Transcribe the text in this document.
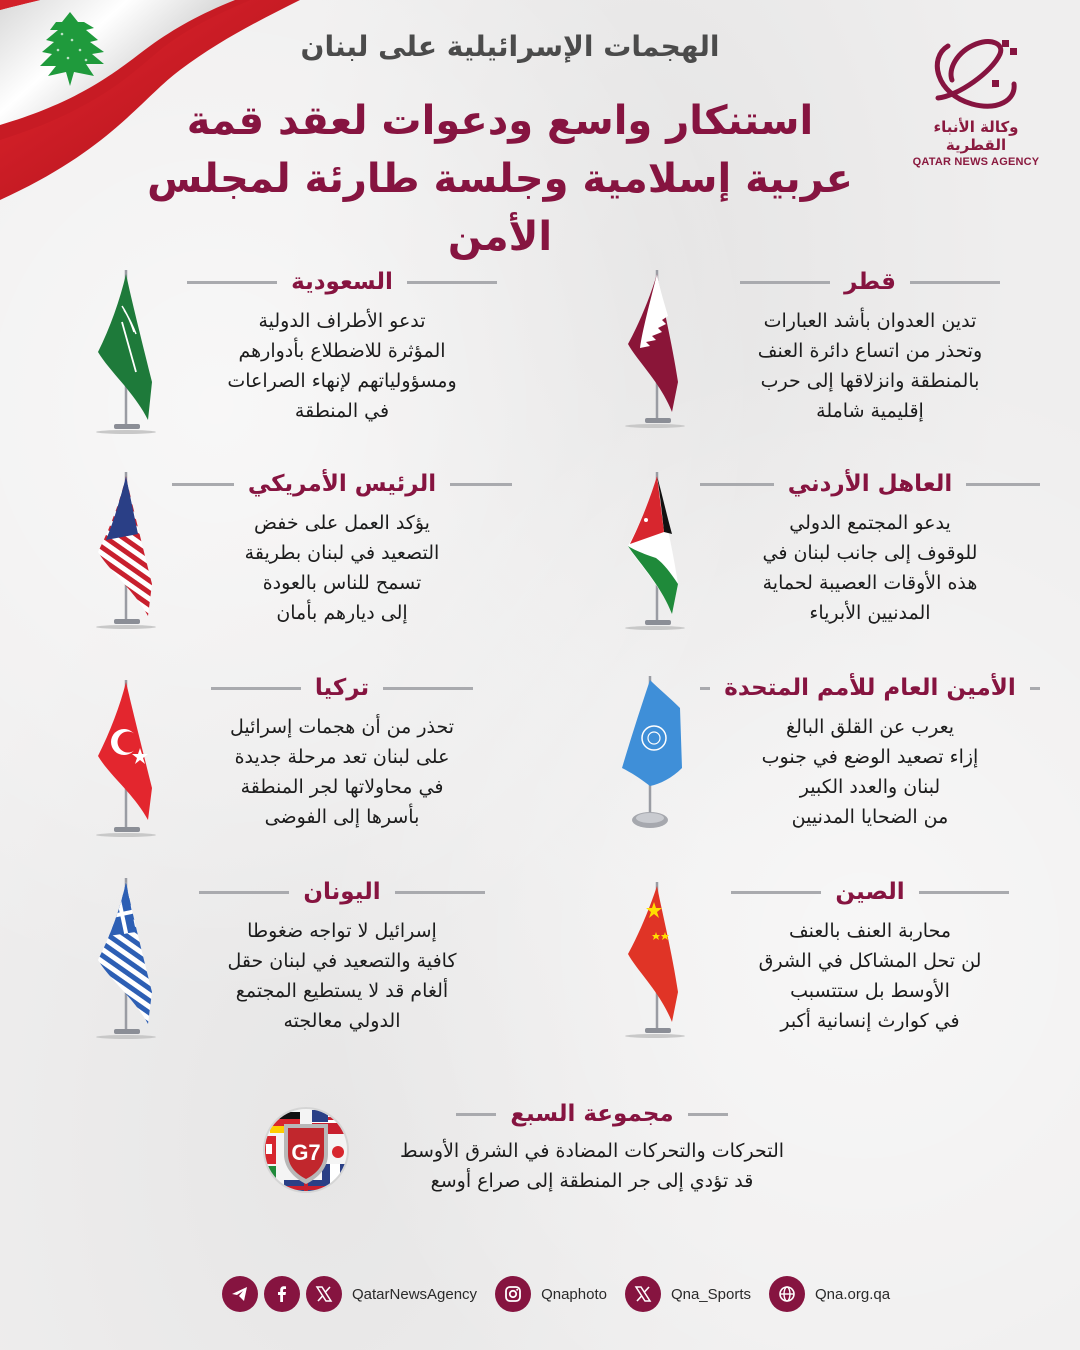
وكالة الأنباء القطرية
QATAR NEWS AGENCY
الهجمات الإسرائيلية على لبنان
استنكار واسع ودعوات لعقد قمة
عربية إسلامية وجلسة طارئة لمجلس الأمن
قطر
تدين العدوان بأشد العبارات
وتحذر من اتساع دائرة العنف
بالمنطقة وانزلاقها إلى حرب
إقليمية شاملة
السعودية
تدعو الأطراف الدولية
المؤثرة للاضطلاع بأدوارهم
ومسؤولياتهم لإنهاء الصراعات
في المنطقة
العاهل الأردني
يدعو المجتمع الدولي
للوقوف إلى جانب لبنان في
هذه الأوقات العصيبة لحماية
المدنيين الأبرياء
الرئيس الأمريكي
يؤكد العمل على خفض
التصعيد في لبنان بطريقة
تسمح للناس بالعودة
إلى ديارهم بأمان
الأمين العام للأمم المتحدة
يعرب عن القلق البالغ
إزاء تصعيد الوضع في جنوب
لبنان والعدد الكبير
من الضحايا المدنيين
تركيا
تحذر من أن هجمات إسرائيل
على لبنان تعد مرحلة جديدة
في محاولاتها لجر المنطقة
بأسرها إلى الفوضى
الصين
محاربة العنف بالعنف
لن تحل المشاكل في الشرق
الأوسط بل ستتسبب
في كوارث إنسانية أكبر
اليونان
إسرائيل لا تواجه ضغوطا
كافية والتصعيد في لبنان حقل
ألغام قد لا يستطيع المجتمع
الدولي معالجته
G7
مجموعة السبع
التحركات والتحركات المضادة في الشرق الأوسط
قد تؤدي إلى جر المنطقة إلى صراع أوسع
QatarNewsAgency	Qnaphoto	Qna_Sports	Qna.org.qa
